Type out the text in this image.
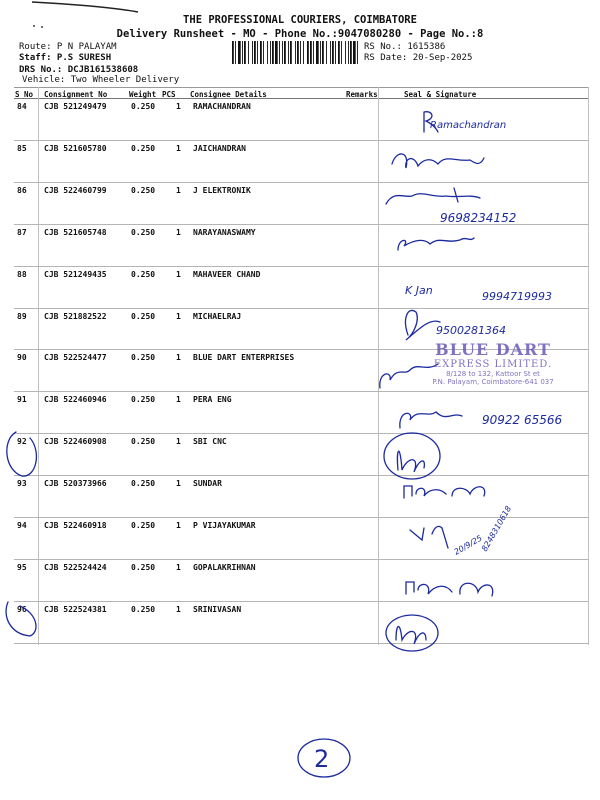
THE PROFESSIONAL COURIERS, COIMBATORE
Delivery Runsheet - MO - Phone No.:9047080280 - Page No.:8
Route: P N PALAYAM
Staff: P.S SURESH
DRS No.: DCJB161538608
Vehicle: Two Wheeler Delivery
RS No.: 1615386
RS Date: 20-Sep-2025
S No Consignment No	Weight PCS Consignee Details	Remarks	Seal & Signature
84 CJB 521249479	0.250	1 RAMACHANDRAN
85 CJB 521605780	0.250	1 JAICHANDRAN
86 CJB 522460799	0.250	1 J ELEKTRONIK
87 CJB 521605748	0.250	1 NARAYANASWAMY
88 CJB 521249435	0.250	1 MAHAVEER CHAND
89 CJB 521882522	0.250	1 MICHAELRAJ
90 CJB 522524477	0.250	1 BLUE DART ENTERPRISES
91 CJB 522460946	0.250	1 PERA ENG
92 CJB 522460908	0.250	1 SBI CNC
93 CJB 520373966	0.250	1 SUNDAR
94 CJB 522460918	0.250	1 P VIJAYAKUMAR
95 CJB 522524424	0.250	1 GOPALAKRIHNAN
96 CJB 522524381	0.250	1 SRINIVASAN
Ramachandran
K Jan	9994719993
9500281364
90922 65566
9698234152
20/9/25
8248310618
2
BLUE DART
EXPRESS LIMITED.
8/128 to 132, Kattoor St et
P.N. Palayam, Coimbatore-641 037
